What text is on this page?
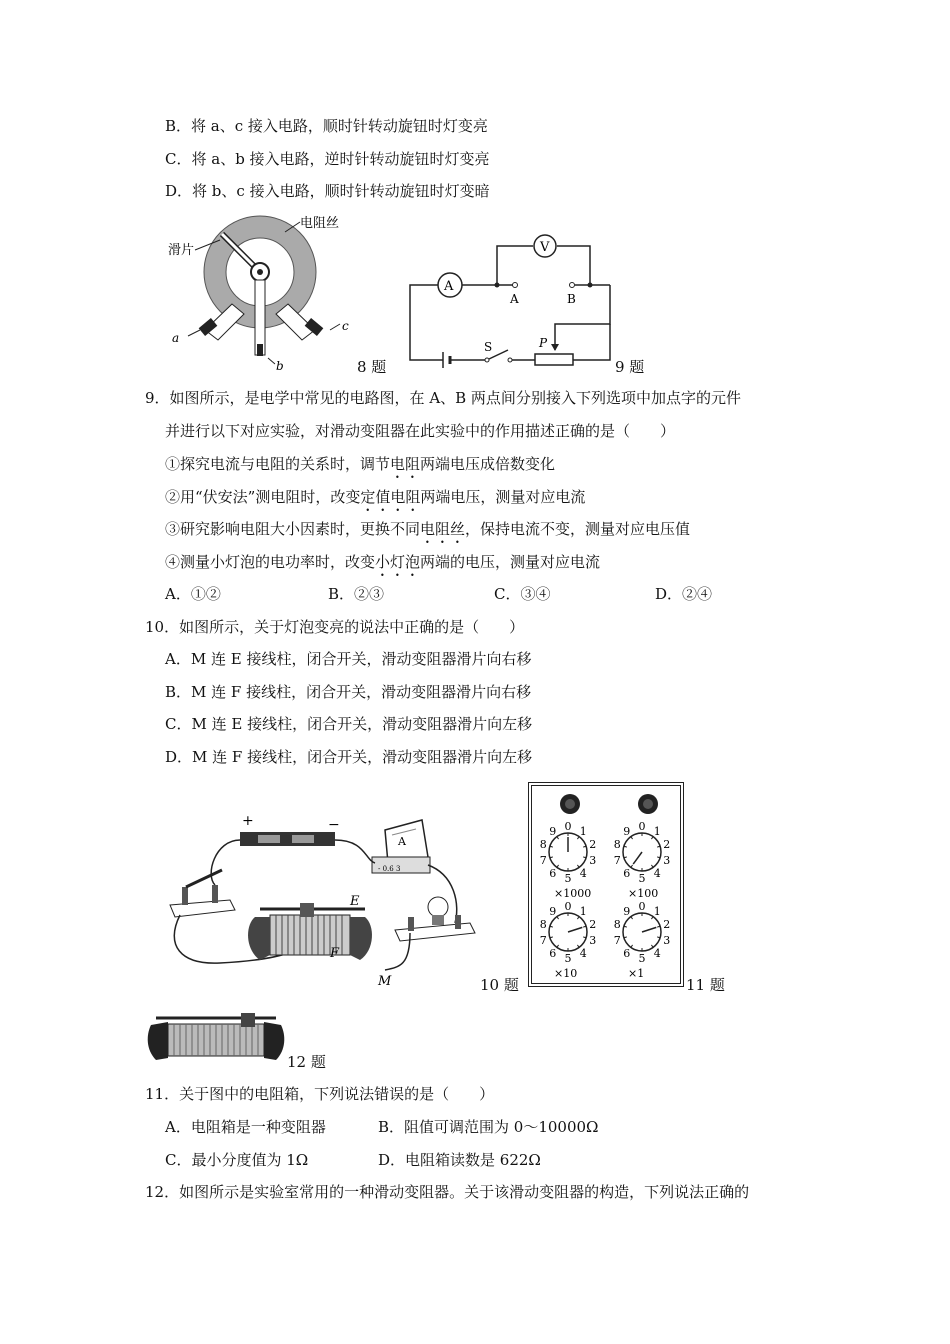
B．将 a、c 接入电路，顺时针转动旋钮时灯变亮
C．将 a、b 接入电路，逆时针转动旋钮时灯变亮
D．将 b、c 接入电路，顺时针转动旋钮时灯变暗
电阻丝
滑片
a
b
c
8 题
V
A
A	B
S	P
9 题
9．如图所示，是电学中常见的电路图，在 A、B 两点间分别接入下列选项中加点字的元件
并进行以下对应实验，对滑动变阻器在此实验中的作用描述正确的是（　　）
①探究电流与电阻的关系时，调节电阻两端电压成倍数变化
②用“伏安法”测电阻时，改变定值电阻两端电压，测量对应电流
③研究影响电阻大小因素时，更换不同电阻丝，保持电流不变，测量对应电压值
④测量小灯泡的电功率时，改变小灯泡两端的电压，测量对应电流
A．①②	B．②③	C．③④	D．②④
10．如图所示，关于灯泡变亮的说法中正确的是（　　）
A．M 连 E 接线柱，闭合开关，滑动变阻器滑片向右移
B．M 连 F 接线柱，闭合开关，滑动变阻器滑片向右移
C．M 连 E 接线柱，闭合开关，滑动变阻器滑片向左移
D．M 连 F 接线柱，闭合开关，滑动变阻器滑片向左移
+	−
A
- 0.6 3
E
F
M	10 题
0 1
2
3
4
5
6
7
8
9
×1000
0 1
2
3
4
5
6
7
8
9
×100
0 1
2
3
4
5
6
7
8
9
×10
0 1
2
3
4
5
6
7
8
9
×1
11 题
12 题
11．关于图中的电阻箱，下列说法错误的是（　　）
A．电阻箱是一种变阻器	B．阻值可调范围为 0～10000Ω
C．最小分度值为 1Ω	D．电阻箱读数是 622Ω
12．如图所示是实验室常用的一种滑动变阻器。关于该滑动变阻器的构造，下列说法正确的
